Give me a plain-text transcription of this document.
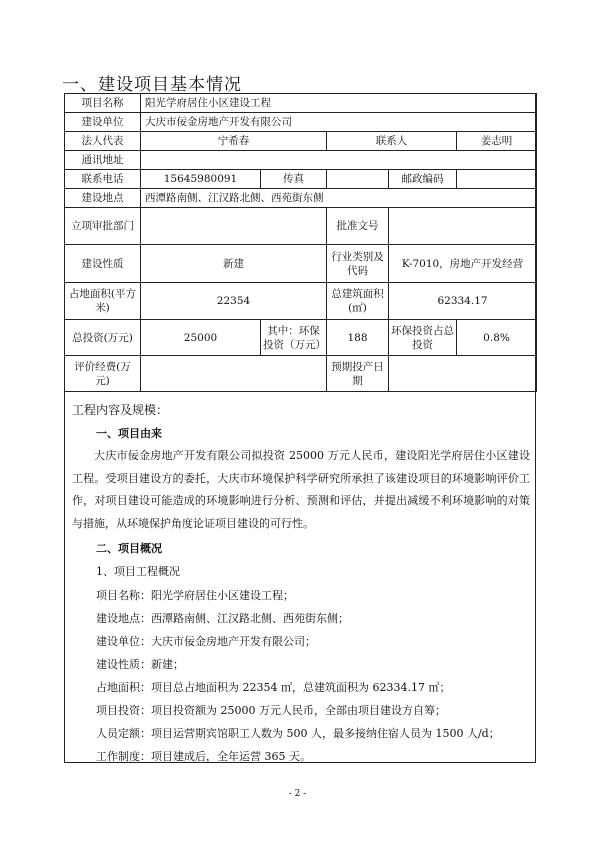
一、建设项目基本情况
项目名称	阳光学府居住小区建设工程				
建设单位	大庆市佞金房地产开发有限公司				
法人代表	宁希春		联系人		姜志明
通讯地址					
联系电话	15645980091	传真		邮政编码	
建设地点	西潭路南侧、江汉路北侧、西苑街东侧				
立项审批部门			批准文号		
建设性质	新建		行业类别及代码	K-7010，房地产开发经营	
占地面积(平方米)	22354		总建筑面积(㎡)	62334.17	
总投资(万元)	25000	其中：环保投资（万元）	188	环保投资占总投资	0.8%
评价经费(万元)			预期投产日期		
工程内容及规模：
一、项目由来
大庆市佞金房地产开发有限公司拟投资 25000 万元人民币，建设阳光学府居住小区建设工程。受项目建设方的委托，大庆市环境保护科学研究所承担了该建设项目的环境影响评价工作，对项目建设可能造成的环境影响进行分析、预测和评估，并提出减缓不利环境影响的对策与措施，从环境保护角度论证项目建设的可行性。
二、项目概况
1、项目工程概况
项目名称：阳光学府居住小区建设工程；
建设地点：西潭路南侧、江汉路北侧、西苑街东侧；
建设单位：大庆市佞金房地产开发有限公司；
建设性质：新建；
占地面积：项目总占地面积为 22354 ㎡，总建筑面积为 62334.17 ㎡；
项目投资：项目投资额为 25000 万元人民币，全部由项目建设方自筹；
人员定额：项目运营期宾馆职工人数为 500 人，最多接纳住宿人员为 1500 人/d；
工作制度：项目建成后，全年运营 365 天。
- 2 -
